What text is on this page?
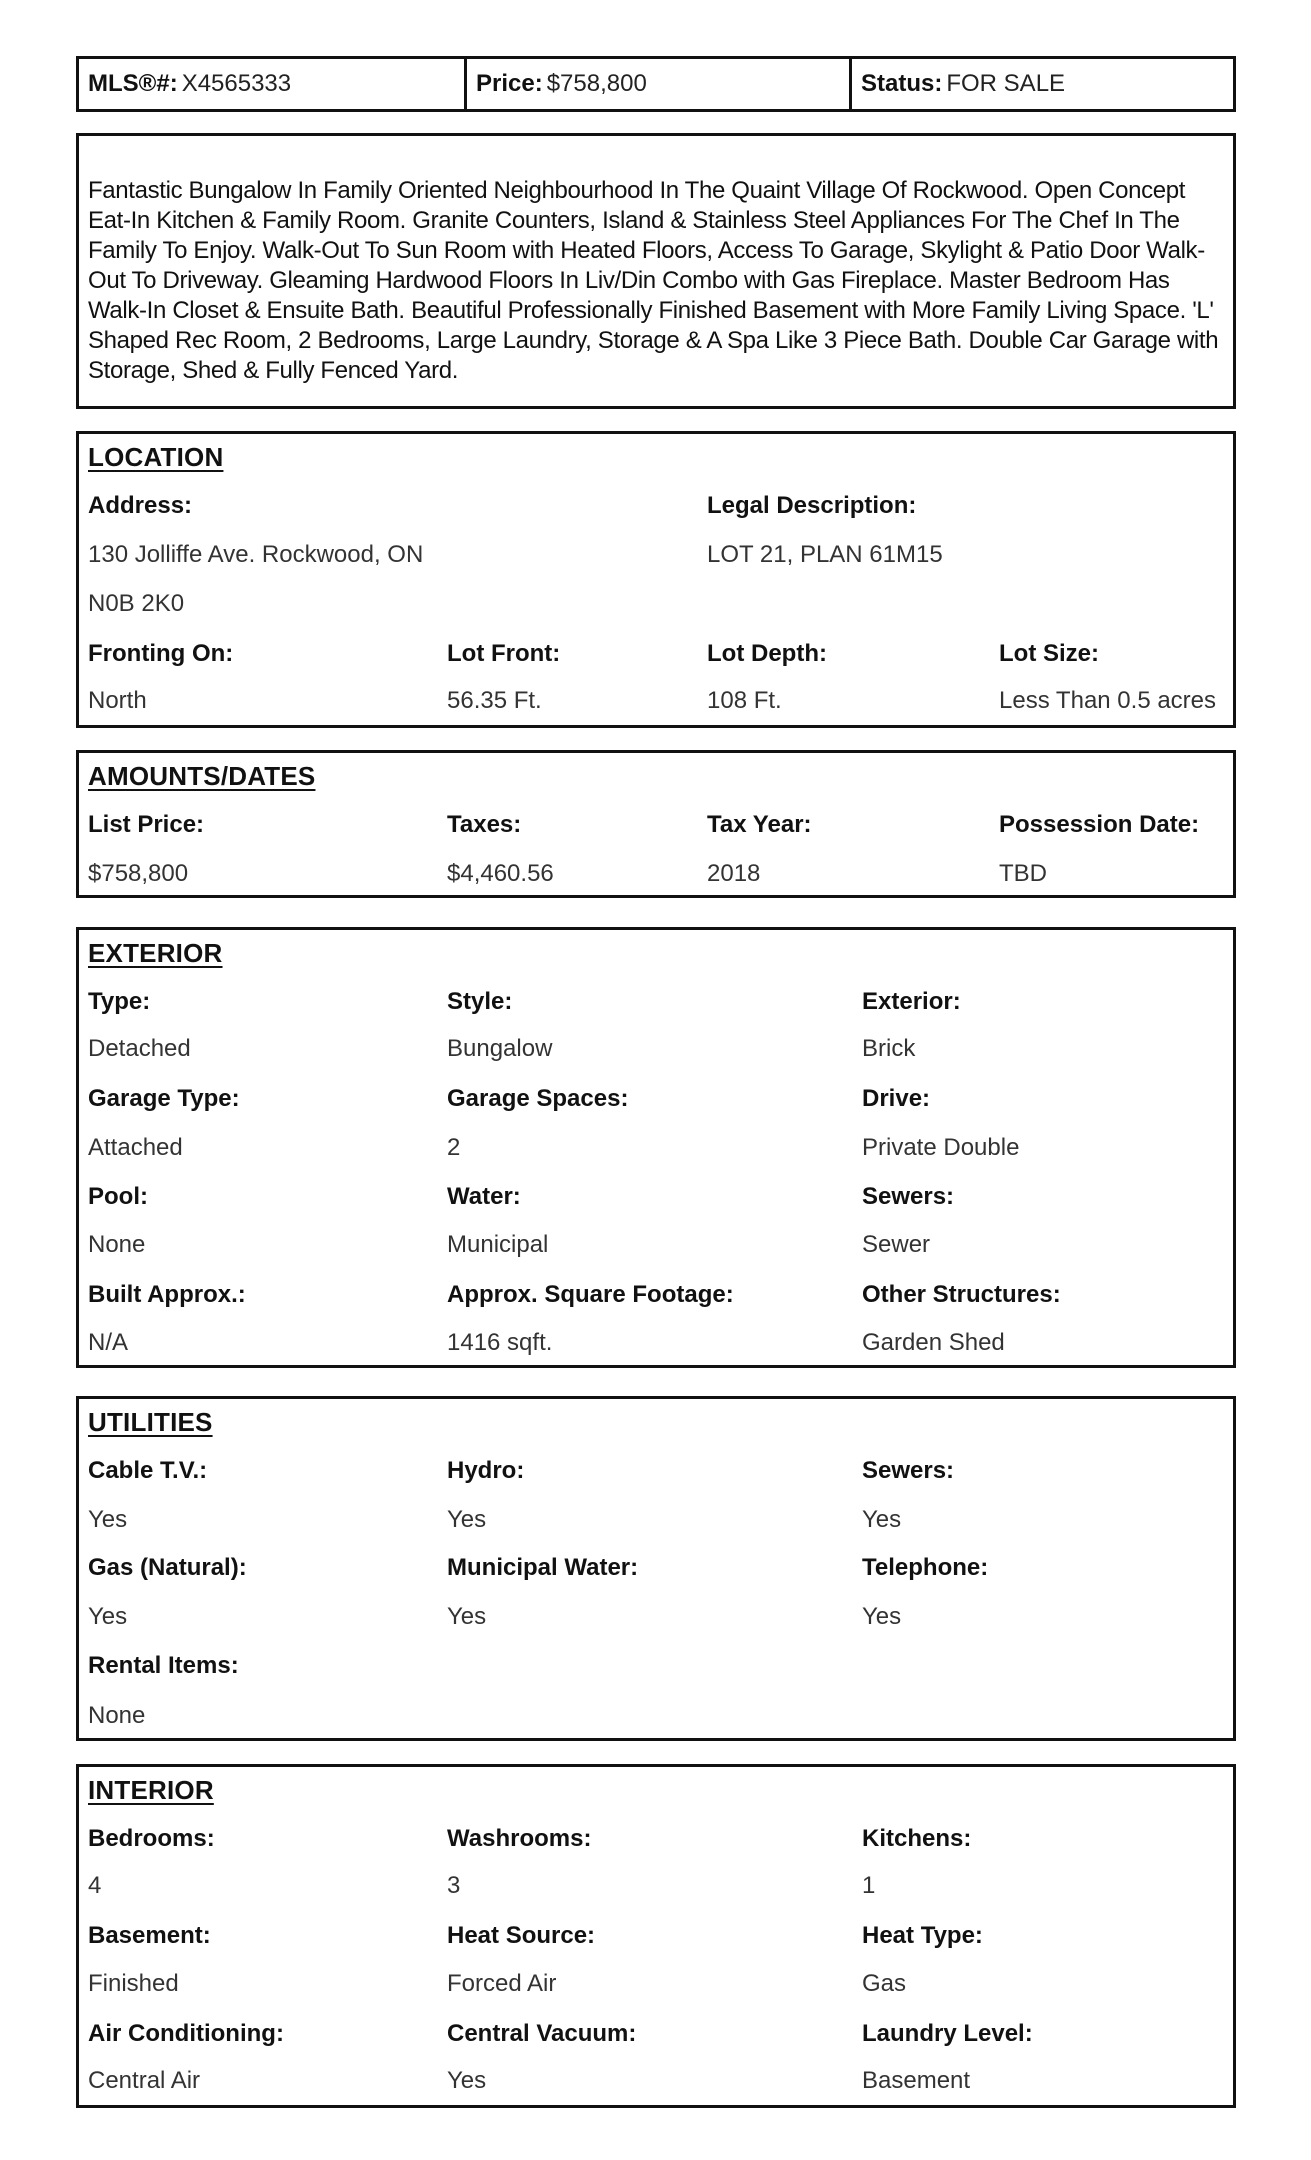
MLS®#: X4565333	Price: $758,800	Status: FOR SALE
Fantastic Bungalow In Family Oriented Neighbourhood In The Quaint Village Of Rockwood. Open Concept Eat-In Kitchen & Family Room. Granite Counters, Island & Stainless Steel Appliances For The Chef In The Family To Enjoy. Walk-Out To Sun Room with Heated Floors, Access To Garage, Skylight & Patio Door Walk-Out To Driveway. Gleaming Hardwood Floors In Liv/Din Combo with Gas Fireplace. Master Bedroom Has Walk-In Closet & Ensuite Bath. Beautiful Professionally Finished Basement with More Family Living Space. 'L' Shaped Rec Room, 2 Bedrooms, Large Laundry, Storage & A Spa Like 3 Piece Bath. Double Car Garage with Storage, Shed & Fully Fenced Yard.
LOCATION
Address:	Legal Description:
130 Jolliffe Ave. Rockwood, ON	LOT 21, PLAN 61M15
N0B 2K0
Fronting On:	Lot Front:	Lot Depth:	Lot Size:
North	56.35 Ft.	108 Ft.	Less Than 0.5 acres
AMOUNTS/DATES
List Price:	Taxes:	Tax Year:	Possession Date:
$758,800	$4,460.56	2018	TBD
EXTERIOR
Type:	Style:	Exterior:
Detached	Bungalow	Brick
Garage Type:	Garage Spaces:	Drive:
Attached	2	Private Double
Pool:	Water:	Sewers:
None	Municipal	Sewer
Built Approx.:	Approx. Square Footage:	Other Structures:
N/A	1416 sqft.	Garden Shed
UTILITIES
Cable T.V.:	Hydro:	Sewers:
Yes	Yes	Yes
Gas (Natural):	Municipal Water:	Telephone:
Yes	Yes	Yes
Rental Items:
None
INTERIOR
Bedrooms:	Washrooms:	Kitchens:
4	3	1
Basement:	Heat Source:	Heat Type:
Finished	Forced Air	Gas
Air Conditioning:	Central Vacuum:	Laundry Level:
Central Air	Yes	Basement
